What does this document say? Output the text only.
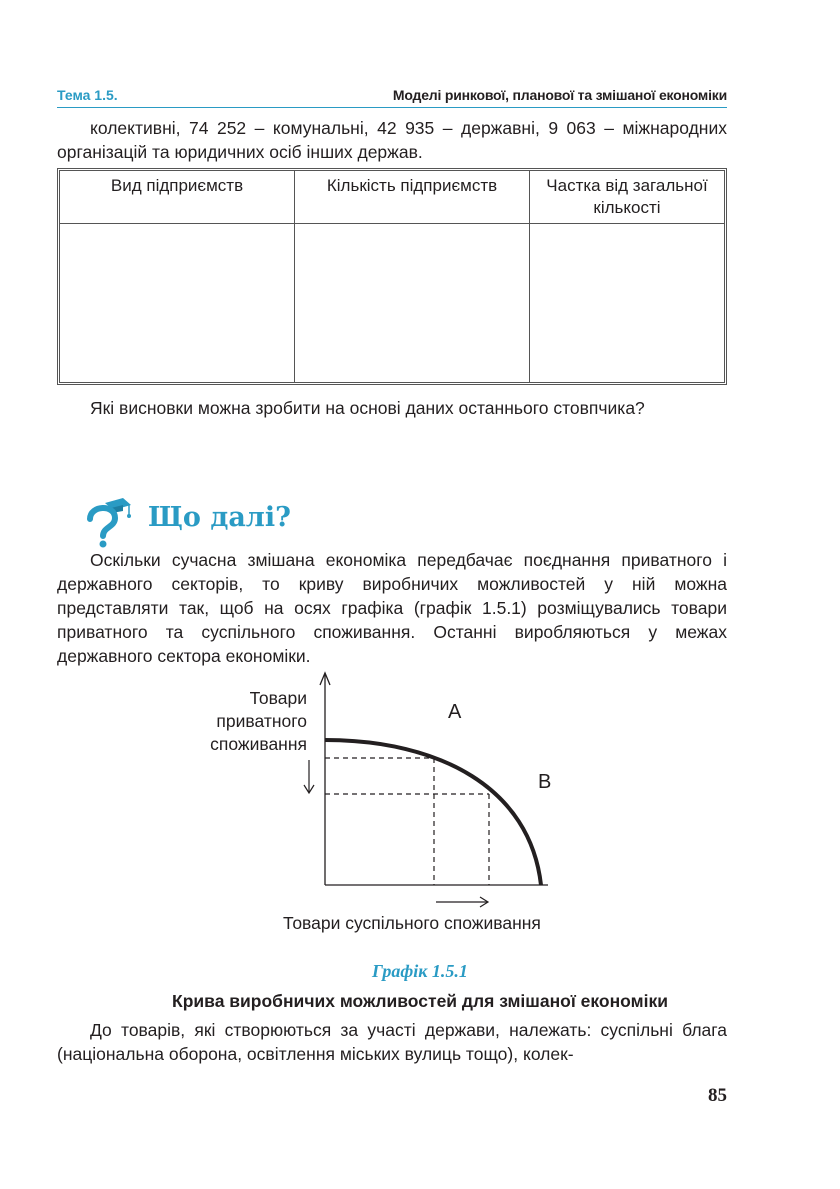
Тема 1.5.	Моделі ринкової, планової та змішаної економіки

колективні, 74 252 – комунальні, 42 935 – державні, 9 063 – міжнародних організацій та юридичних осіб інших держав.

Вид підприємств	Кількість підприємств	Частка від загальної кількості

Які висновки можна зробити на основі даних останнього стовпчика?

Що далі?

Оскільки сучасна змішана економіка передбачає поєднання приватного і державного секторів, то криву виробничих можливостей у ній можна представляти так, щоб на осях графіка (графік 1.5.1) розміщувались товари приватного та суспільного споживання. Останні виробляються у межах державного сектора економіки.

Товари
приватного
споживання
A
B
Товари суспільного споживання
Графік 1.5.1
Крива виробничих можливостей для змішаної економіки

До товарів, які створюються за участі держави, належать: суспільні блага (національна оборона, освітлення міських вулиць тощо), колек-

85
